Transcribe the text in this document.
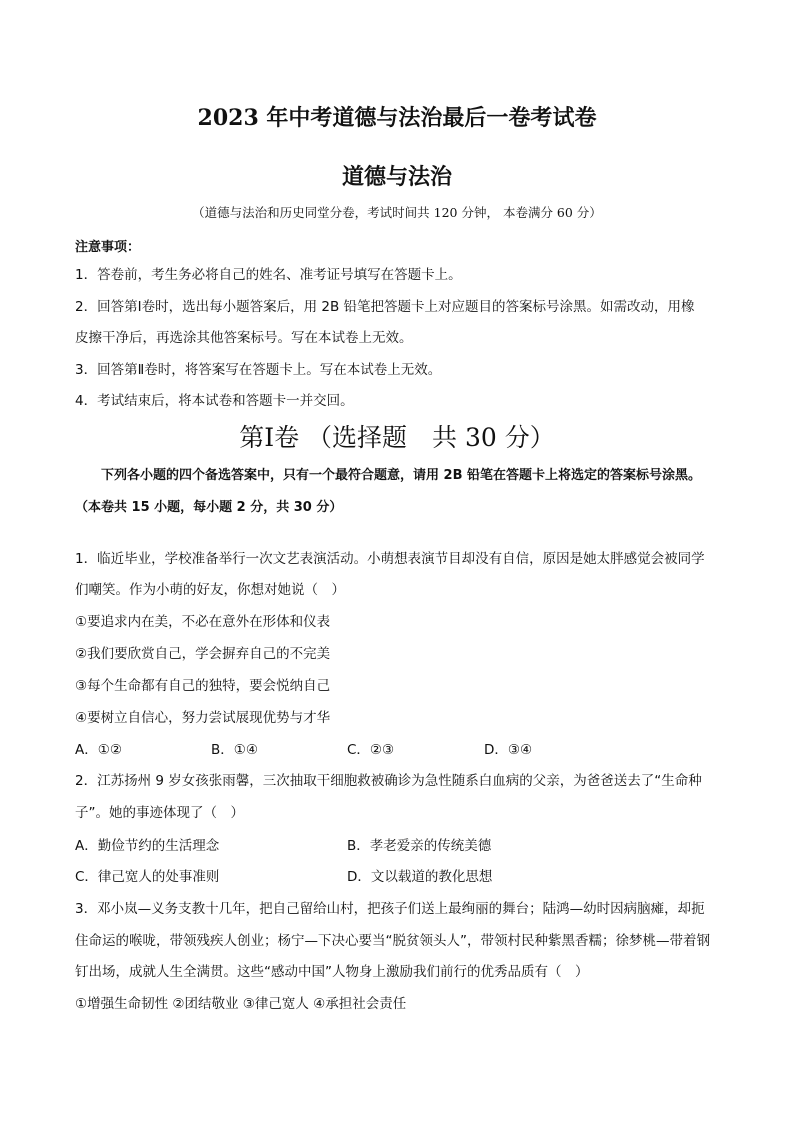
2023 年中考道德与法治最后一卷考试卷
道德与法治
（道德与法治和历史同堂分卷，考试时间共 120 分钟， 本卷满分 60 分）
注意事项：
1．答卷前，考生务必将自己的姓名、准考证号填写在答题卡上。
2．回答第Ⅰ卷时，选出每小题答案后，用 2B 铅笔把答题卡上对应题目的答案标号涂黑。如需改动，用橡
皮擦干净后，再选涂其他答案标号。写在本试卷上无效。
3．回答第Ⅱ卷时，将答案写在答题卡上。写在本试卷上无效。
4．考试结束后，将本试卷和答题卡一并交回。
第Ⅰ卷 （选择题　共 30 分）
下列各小题的四个备选答案中，只有一个最符合题意，请用 2B 铅笔在答题卡上将选定的答案标号涂黑。
（本卷共 15 小题，每小题 2 分，共 30 分）
1．临近毕业，学校准备举行一次文艺表演活动。小萌想表演节目却没有自信，原因是她太胖感觉会被同学
们嘲笑。作为小萌的好友，你想对她说（　）
①要追求内在美，不必在意外在形体和仪表
②我们要欣赏自己，学会摒弃自己的不完美
③每个生命都有自己的独特，要会悦纳自己
④要树立自信心，努力尝试展现优势与才华
A．①②	B．①④	C．②③	D．③④
2．江苏扬州 9 岁女孩张雨馨，三次抽取干细胞救被确诊为急性随系白血病的父亲，为爸爸送去了“生命种
子”。她的事迹体现了（　）
A．勤俭节约的生活理念	B．孝老爱亲的传统美德
C．律己宽人的处事准则	D．文以载道的教化思想
3．邓小岚—义务支教十几年，把自己留给山村，把孩子们送上最绚丽的舞台；陆鸿—幼时因病脑瘫，却扼
住命运的喉咙，带领残疾人创业；杨宁—下决心要当“脱贫领头人”，带领村民种紫黑香糯；徐梦桃—带着钢
钉出场，成就人生全满贯。这些“感动中国”人物身上激励我们前行的优秀品质有（　）
①增强生命韧性 ②团结敬业 ③律己宽人 ④承担社会责任
